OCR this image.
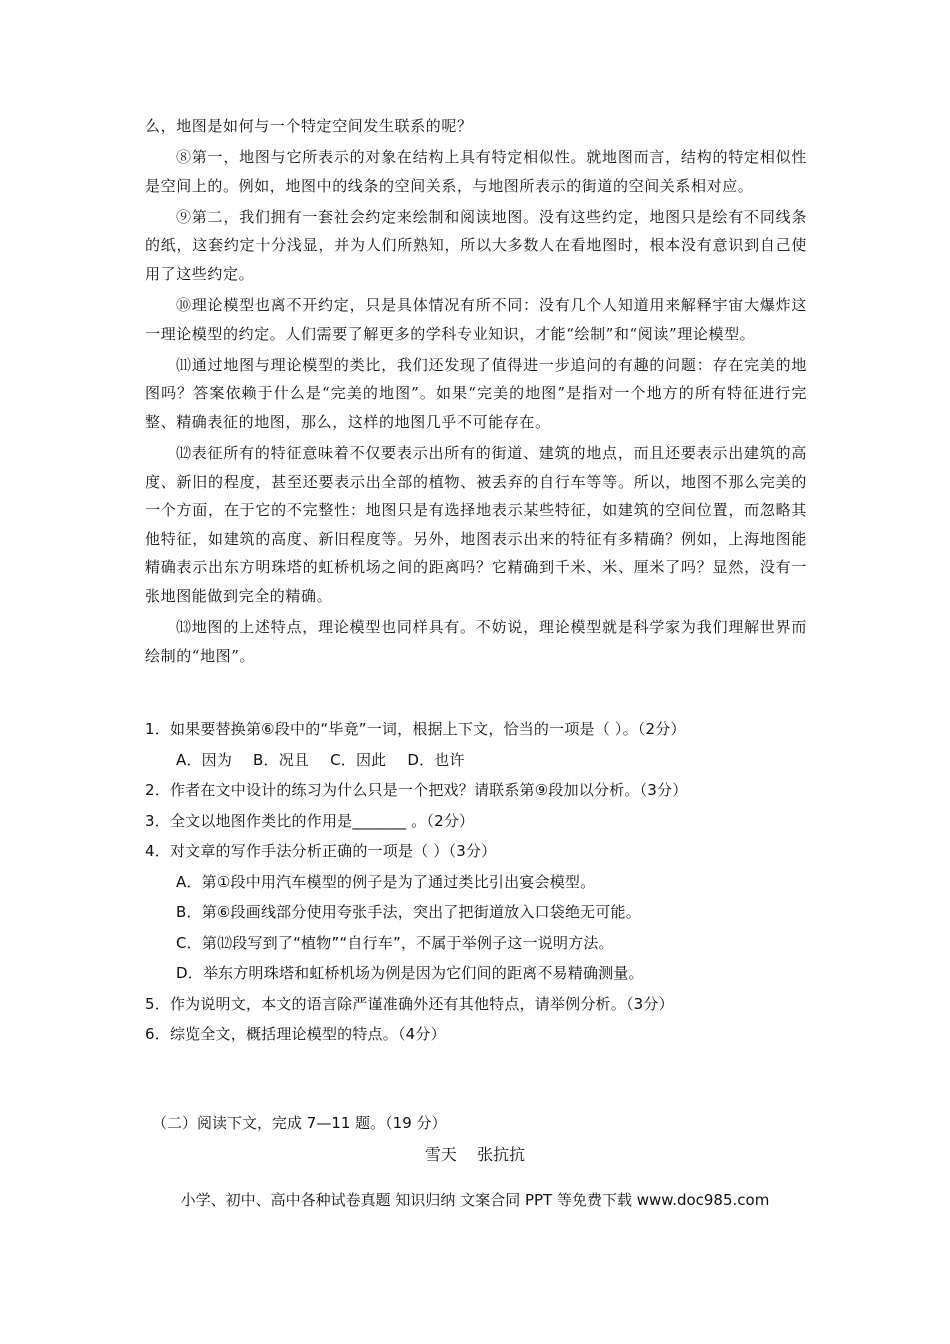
么，地图是如何与一个特定空间发生联系的呢？

⑧第一，地图与它所表示的对象在结构上具有特定相似性。就地图而言，结构的特定相似性是空间上的。例如，地图中的线条的空间关系，与地图所表示的街道的空间关系相对应。

⑨第二，我们拥有一套社会约定来绘制和阅读地图。没有这些约定，地图只是绘有不同线条的纸，这套约定十分浅显，并为人们所熟知，所以大多数人在看地图时，根本没有意识到自己使用了这些约定。

⑩理论模型也离不开约定，只是具体情况有所不同：没有几个人知道用来解释宇宙大爆炸这一理论模型的约定。人们需要了解更多的学科专业知识，才能“绘制”和“阅读”理论模型。

⑾通过地图与理论模型的类比，我们还发现了值得进一步追问的有趣的问题：存在完美的地图吗？答案依赖于什么是“完美的地图”。如果“完美的地图”是指对一个地方的所有特征进行完整、精确表征的地图，那么，这样的地图几乎不可能存在。

⑿表征所有的特征意味着不仅要表示出所有的街道、建筑的地点，而且还要表示出建筑的高度、新旧的程度，甚至还要表示出全部的植物、被丢弃的自行车等等。所以，地图不那么完美的一个方面，在于它的不完整性：地图只是有选择地表示某些特征，如建筑的空间位置，而忽略其他特征，如建筑的高度、新旧程度等。另外，地图表示出来的特征有多精确？例如，上海地图能精确表示出东方明珠塔的虹桥机场之间的距离吗？它精确到千米、米、厘米了吗？显然，没有一张地图能做到完全的精确。

⒀地图的上述特点，理论模型也同样具有。不妨说，理论模型就是科学家为我们理解世界而绘制的“地图”。

1．如果要替换第⑥段中的“毕竟”一词，根据上下文，恰当的一项是（ ）。（2分）

A．因为 B．况且 C．因此 D．也许

2．作者在文中设计的练习为什么只是一个把戏？请联系第⑨段加以分析。（3分）

3．全文以地图作类比的作用是_______ 。（2分）

4．对文章的写作手法分析正确的一项是（ ）（3分）

A．第①段中用汽车模型的例子是为了通过类比引出宴会模型。

B．第⑥段画线部分使用夸张手法，突出了把街道放入口袋绝无可能。

C．第⑿段写到了“植物”“自行车”，不属于举例子这一说明方法。

D．举东方明珠塔和虹桥机场为例是因为它们间的距离不易精确测量。

5．作为说明文，本文的语言除严谨准确外还有其他特点，请举例分析。（3分）

6．综览全文，概括理论模型的特点。（4分）

（二）阅读下文，完成 7—11 题。（19 分）
雪天    张抗抗
小学、初中、高中各种试卷真题 知识归纳 文案合同 PPT 等免费下载 www.doc985.com
